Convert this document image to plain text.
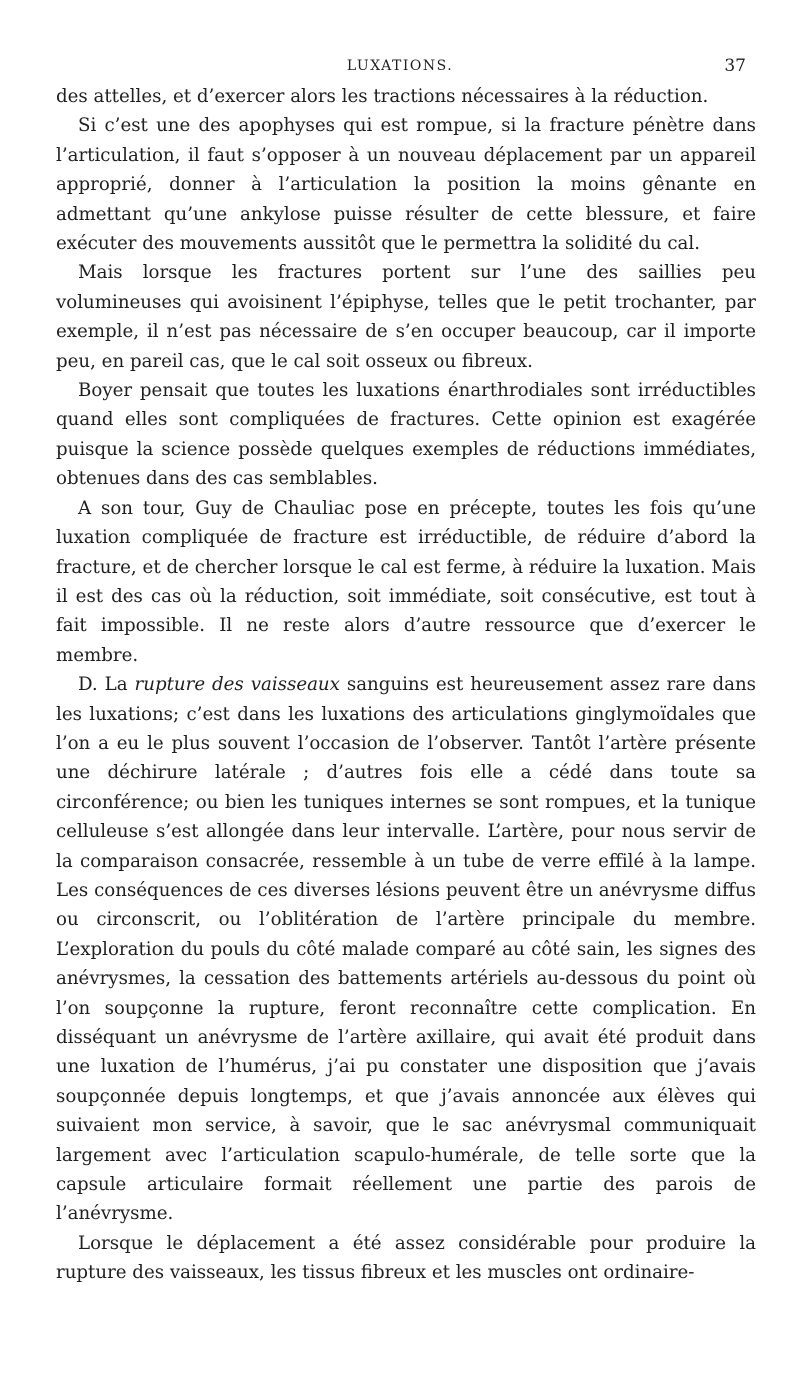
LUXATIONS.	37

des attelles, et d’exercer alors les tractions nécessaires à la réduction.

Si c’est une des apophyses qui est rompue, si la fracture pénètre dans l’articulation, il faut s’opposer à un nouveau déplacement par un appareil approprié, donner à l’articulation la position la moins gênante en admettant qu’une ankylose puisse résulter de cette blessure, et faire exécuter des mouvements aussitôt que le permettra la solidité du cal.

Mais lorsque les fractures portent sur l’une des saillies peu volumineuses qui avoisinent l’épiphyse, telles que le petit trochanter, par exemple, il n’est pas nécessaire de s’en occuper beaucoup, car il importe peu, en pareil cas, que le cal soit osseux ou fibreux.

Boyer pensait que toutes les luxations énarthrodiales sont irréductibles quand elles sont compliquées de fractures. Cette opinion est exagérée puisque la science possède quelques exemples de réductions immédiates, obtenues dans des cas semblables.

A son tour, Guy de Chauliac pose en précepte, toutes les fois qu’une luxation compliquée de fracture est irréductible, de réduire d’abord la fracture, et de chercher lorsque le cal est ferme, à réduire la luxation. Mais il est des cas où la réduction, soit immédiate, soit consécutive, est tout à fait impossible. Il ne reste alors d’autre ressource que d’exercer le membre.

D. La rupture des vaisseaux sanguins est heureusement assez rare dans les luxations; c’est dans les luxations des articulations ginglymoïdales que l’on a eu le plus souvent l’occasion de l’observer. Tantôt l’artère présente une déchirure latérale ; d’autres fois elle a cédé dans toute sa circonférence; ou bien les tuniques internes se sont rompues, et la tunique celluleuse s’est allongée dans leur intervalle. L’artère, pour nous servir de la comparaison consacrée, ressemble à un tube de verre effilé à la lampe. Les conséquences de ces diverses lésions peuvent être un anévrysme diffus ou circonscrit, ou l’oblitération de l’artère principale du membre. L’exploration du pouls du côté malade comparé au côté sain, les signes des anévrysmes, la cessation des battements artériels au-dessous du point où l’on soupçonne la rupture, feront reconnaître cette complication. En disséquant un anévrysme de l’artère axillaire, qui avait été produit dans une luxation de l’humérus, j’ai pu constater une disposition que j’avais soupçonnée depuis longtemps, et que j’avais annoncée aux élèves qui suivaient mon service, à savoir, que le sac anévrysmal communiquait largement avec l’articulation scapulo-humérale, de telle sorte que la capsule articulaire formait réellement une partie des parois de l’anévrysme.

Lorsque le déplacement a été assez considérable pour produire la rupture des vaisseaux, les tissus fibreux et les muscles ont ordinaire-
